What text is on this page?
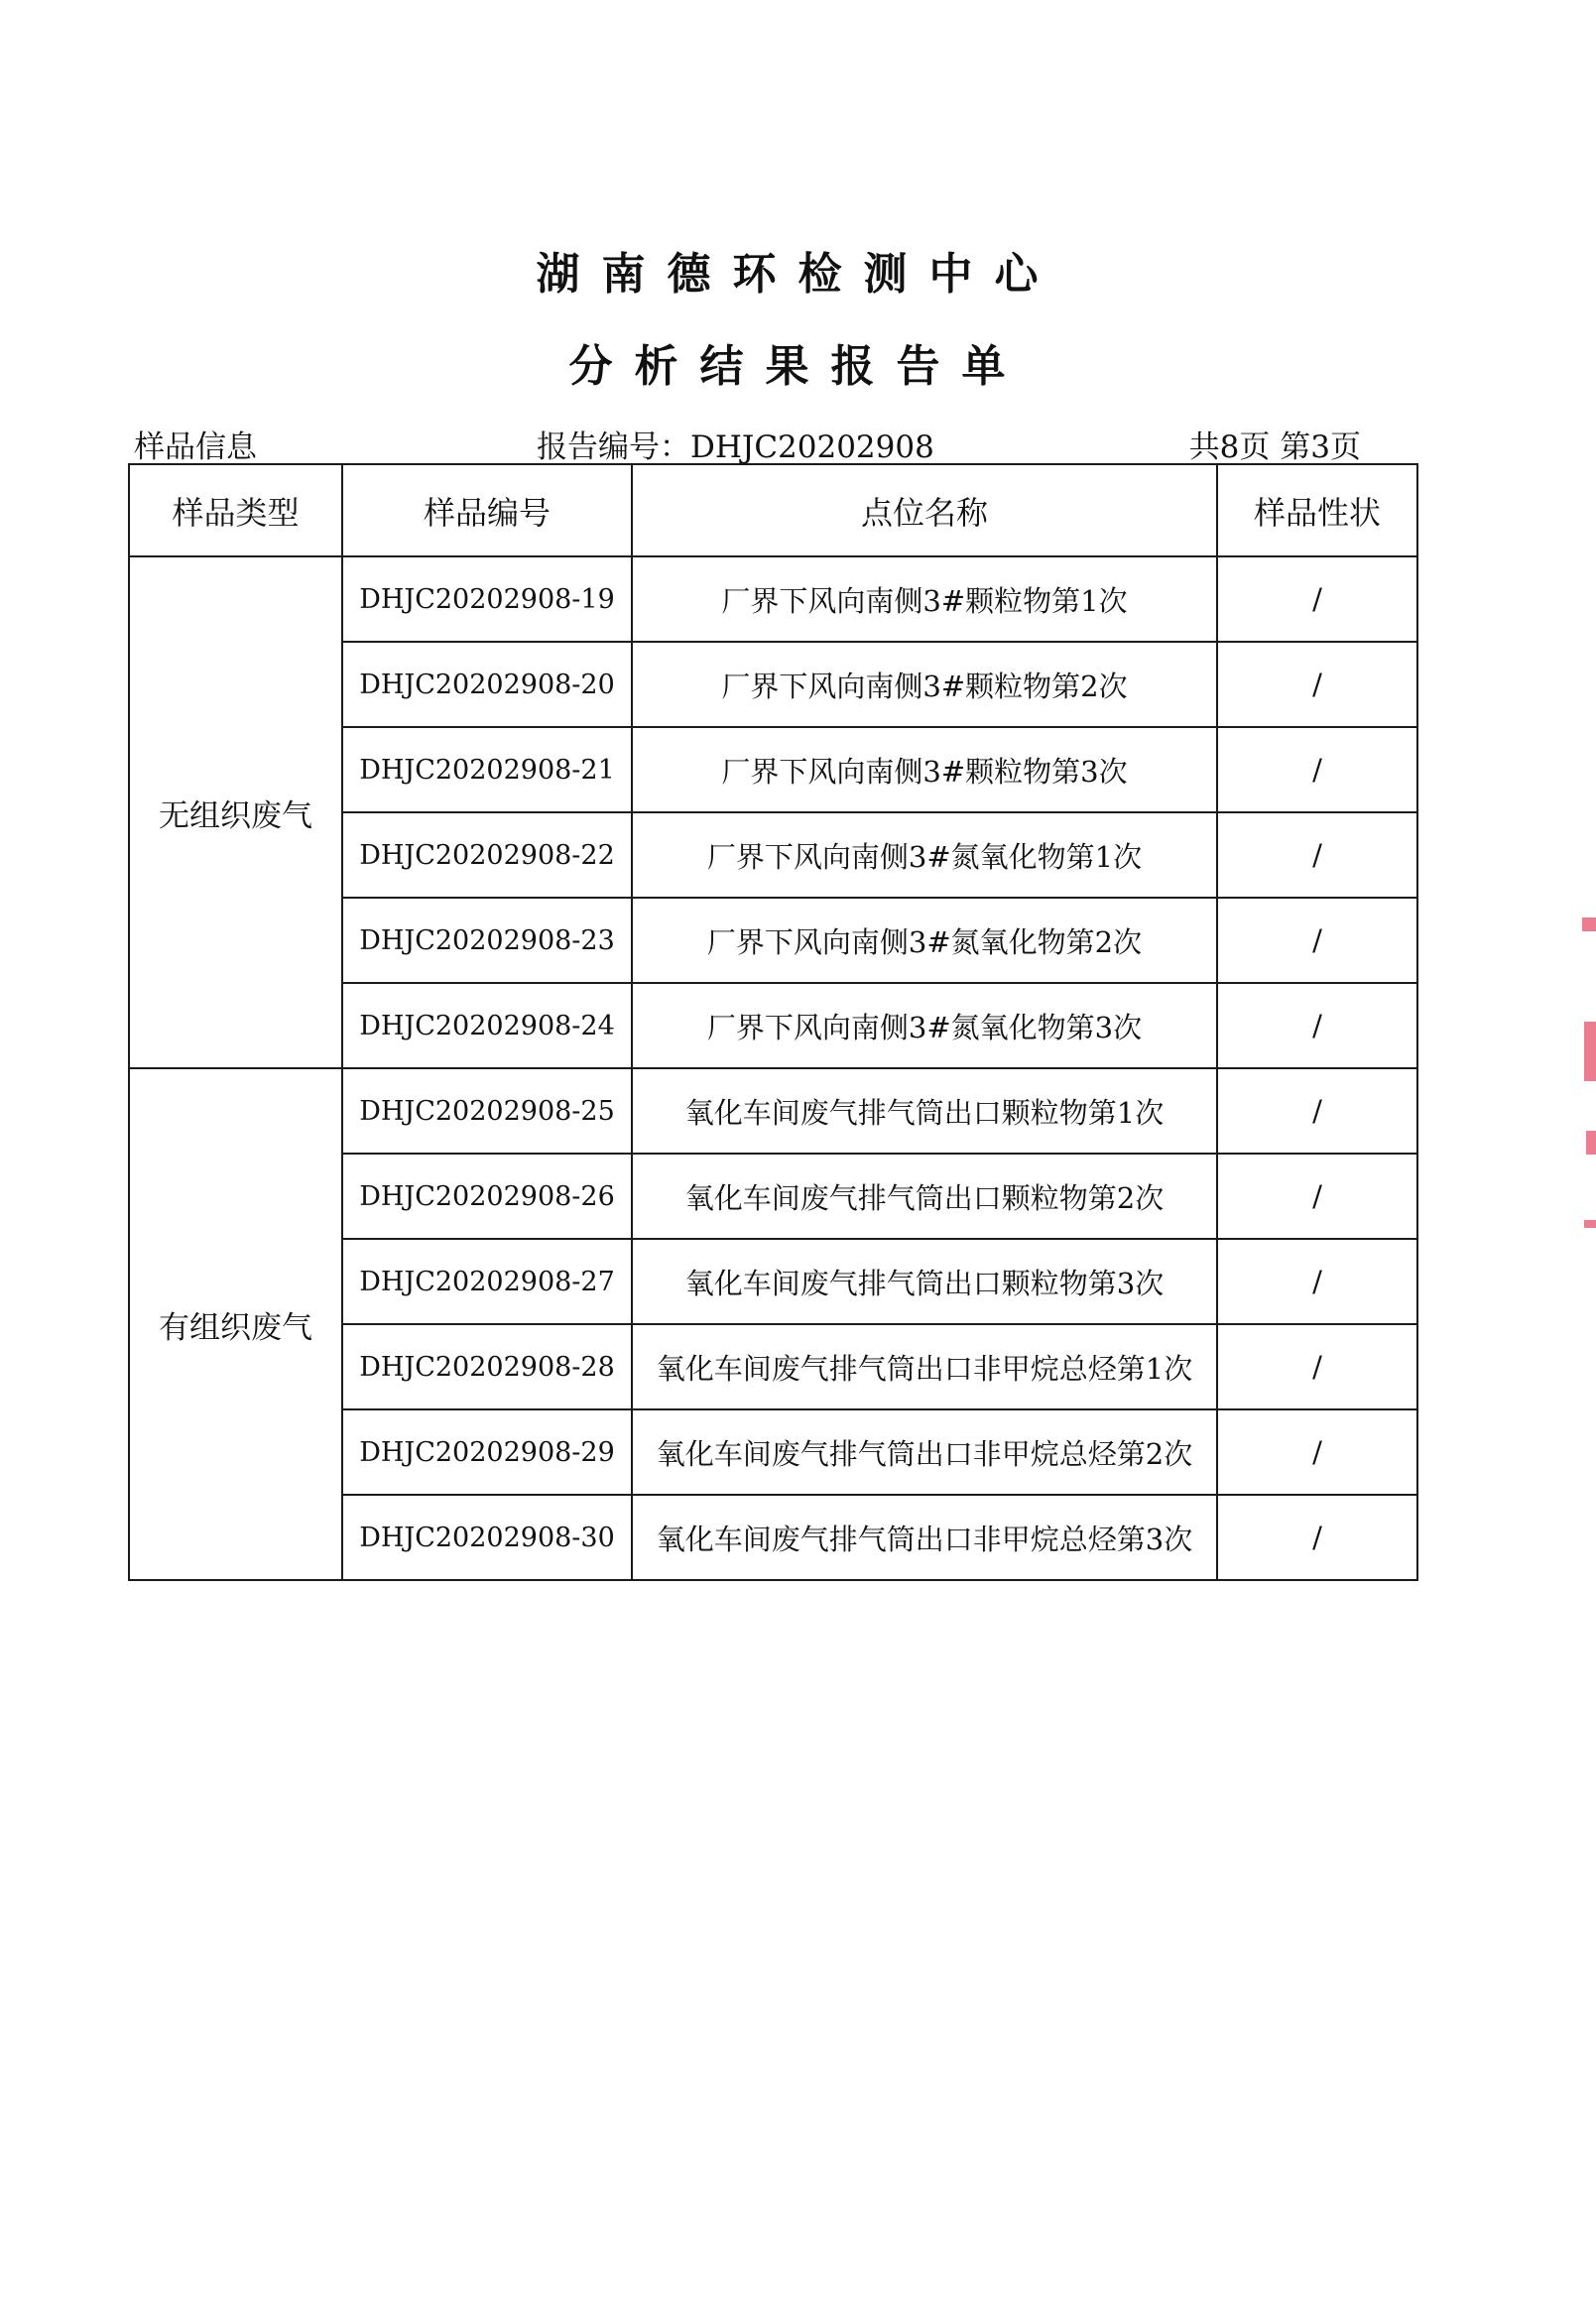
湖南德环检测中心
分析结果报告单
样品信息	报告编号：DHJC20202908	共8页 第3页
样品类型	样品编号	点位名称	样品性状
无组织废气	DHJC20202908-19	厂界下风向南侧3#颗粒物第1次	/
	DHJC20202908-20	厂界下风向南侧3#颗粒物第2次	/
	DHJC20202908-21	厂界下风向南侧3#颗粒物第3次	/
	DHJC20202908-22	厂界下风向南侧3#氮氧化物第1次	/
	DHJC20202908-23	厂界下风向南侧3#氮氧化物第2次	/
	DHJC20202908-24	厂界下风向南侧3#氮氧化物第3次	/
有组织废气	DHJC20202908-25	氧化车间废气排气筒出口颗粒物第1次	/
	DHJC20202908-26	氧化车间废气排气筒出口颗粒物第2次	/
	DHJC20202908-27	氧化车间废气排气筒出口颗粒物第3次	/
	DHJC20202908-28	氧化车间废气排气筒出口非甲烷总烃第1次	/
	DHJC20202908-29	氧化车间废气排气筒出口非甲烷总烃第2次	/
	DHJC20202908-30	氧化车间废气排气筒出口非甲烷总烃第3次	/
